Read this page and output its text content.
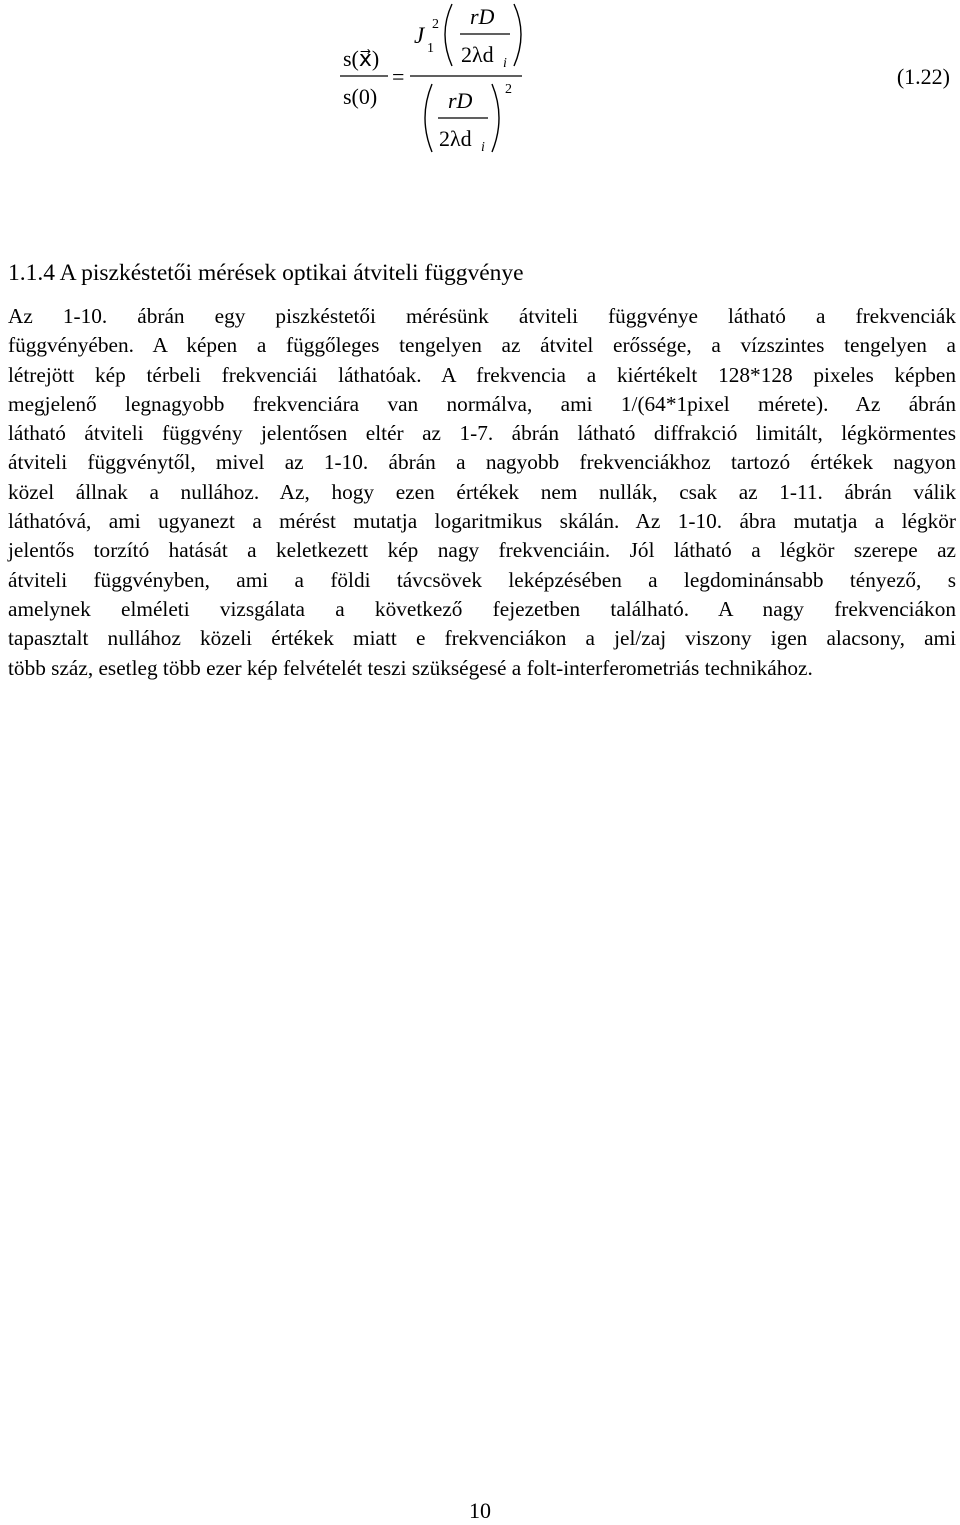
s(x⃗)
s(0)
=
J
1
2 rD
2λd i
rD
2λd i
2
(1.22)
1.1.4 A piszkéstetői mérések optikai átviteli függvénye

Az 1-10. ábrán egy piszkéstetői mérésünk átviteli függvénye látható a frekvenciák
függvényében. A képen a függőleges tengelyen az átvitel erőssége, a vízszintes tengelyen a
létrejött kép térbeli frekvenciái láthatóak. A frekvencia a kiértékelt 128*128 pixeles képben
megjelenő legnagyobb frekvenciára van normálva, ami 1/(64*1pixel mérete). Az ábrán
látható átviteli függvény jelentősen eltér az 1-7. ábrán látható diffrakció limitált, légkörmentes
átviteli függvénytől, mivel az 1-10. ábrán a nagyobb frekvenciákhoz tartozó értékek nagyon
közel állnak a nullához. Az, hogy ezen értékek nem nullák, csak az 1-11. ábrán válik
láthatóvá, ami ugyanezt a mérést mutatja logaritmikus skálán. Az 1-10. ábra mutatja a légkör
jelentős torzító hatását a keletkezett kép nagy frekvenciáin. Jól látható a légkör szerepe az
átviteli függvényben, ami a földi távcsövek leképzésében a legdominánsabb tényező, s
amelynek elméleti vizsgálata a következő fejezetben található. A nagy frekvenciákon
tapasztalt nullához közeli értékek miatt e frekvenciákon a jel/zaj viszony igen alacsony, ami
több száz, esetleg több ezer kép felvételét teszi szükségesé a folt-interferometriás technikához.

10
